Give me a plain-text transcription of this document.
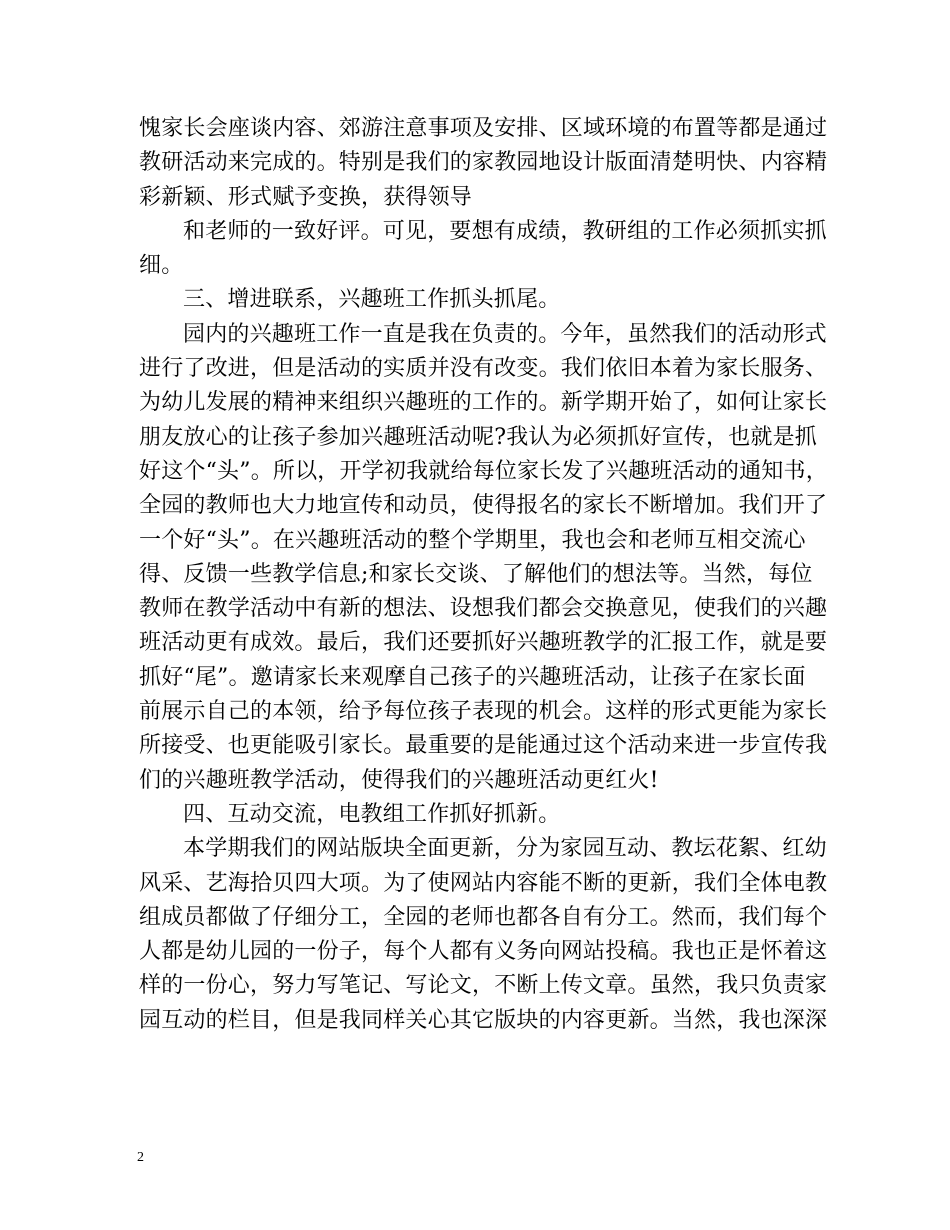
愧家长会座谈内容、郊游注意事项及安排、区域环境的布置等都是通过
教研活动来完成的。特别是我们的家教园地设计版面清楚明快、内容精
彩新颖、形式赋予变换，获得领导
和老师的一致好评。可见，要想有成绩，教研组的工作必须抓实抓
细。
三、增进联系，兴趣班工作抓头抓尾。
园内的兴趣班工作一直是我在负责的。今年，虽然我们的活动形式
进行了改进，但是活动的实质并没有改变。我们依旧本着为家长服务、
为幼儿发展的精神来组织兴趣班的工作的。新学期开始了，如何让家长
朋友放心的让孩子参加兴趣班活动呢?我认为必须抓好宣传，也就是抓
好这个“头”。所以，开学初我就给每位家长发了兴趣班活动的通知书，
全园的教师也大力地宣传和动员，使得报名的家长不断增加。我们开了
一个好“头”。在兴趣班活动的整个学期里，我也会和老师互相交流心
得、反馈一些教学信息;和家长交谈、了解他们的想法等。当然，每位
教师在教学活动中有新的想法、设想我们都会交换意见，使我们的兴趣
班活动更有成效。最后，我们还要抓好兴趣班教学的汇报工作，就是要
抓好“尾”。邀请家长来观摩自己孩子的兴趣班活动，让孩子在家长面
前展示自己的本领，给予每位孩子表现的机会。这样的形式更能为家长
所接受、也更能吸引家长。最重要的是能通过这个活动来进一步宣传我
们的兴趣班教学活动，使得我们的兴趣班活动更红火!
四、互动交流，电教组工作抓好抓新。
本学期我们的网站版块全面更新，分为家园互动、教坛花絮、红幼
风采、艺海拾贝四大项。为了使网站内容能不断的更新，我们全体电教
组成员都做了仔细分工，全园的老师也都各自有分工。然而，我们每个
人都是幼儿园的一份子，每个人都有义务向网站投稿。我也正是怀着这
样的一份心，努力写笔记、写论文，不断上传文章。虽然，我只负责家
园互动的栏目，但是我同样关心其它版块的内容更新。当然，我也深深
2
